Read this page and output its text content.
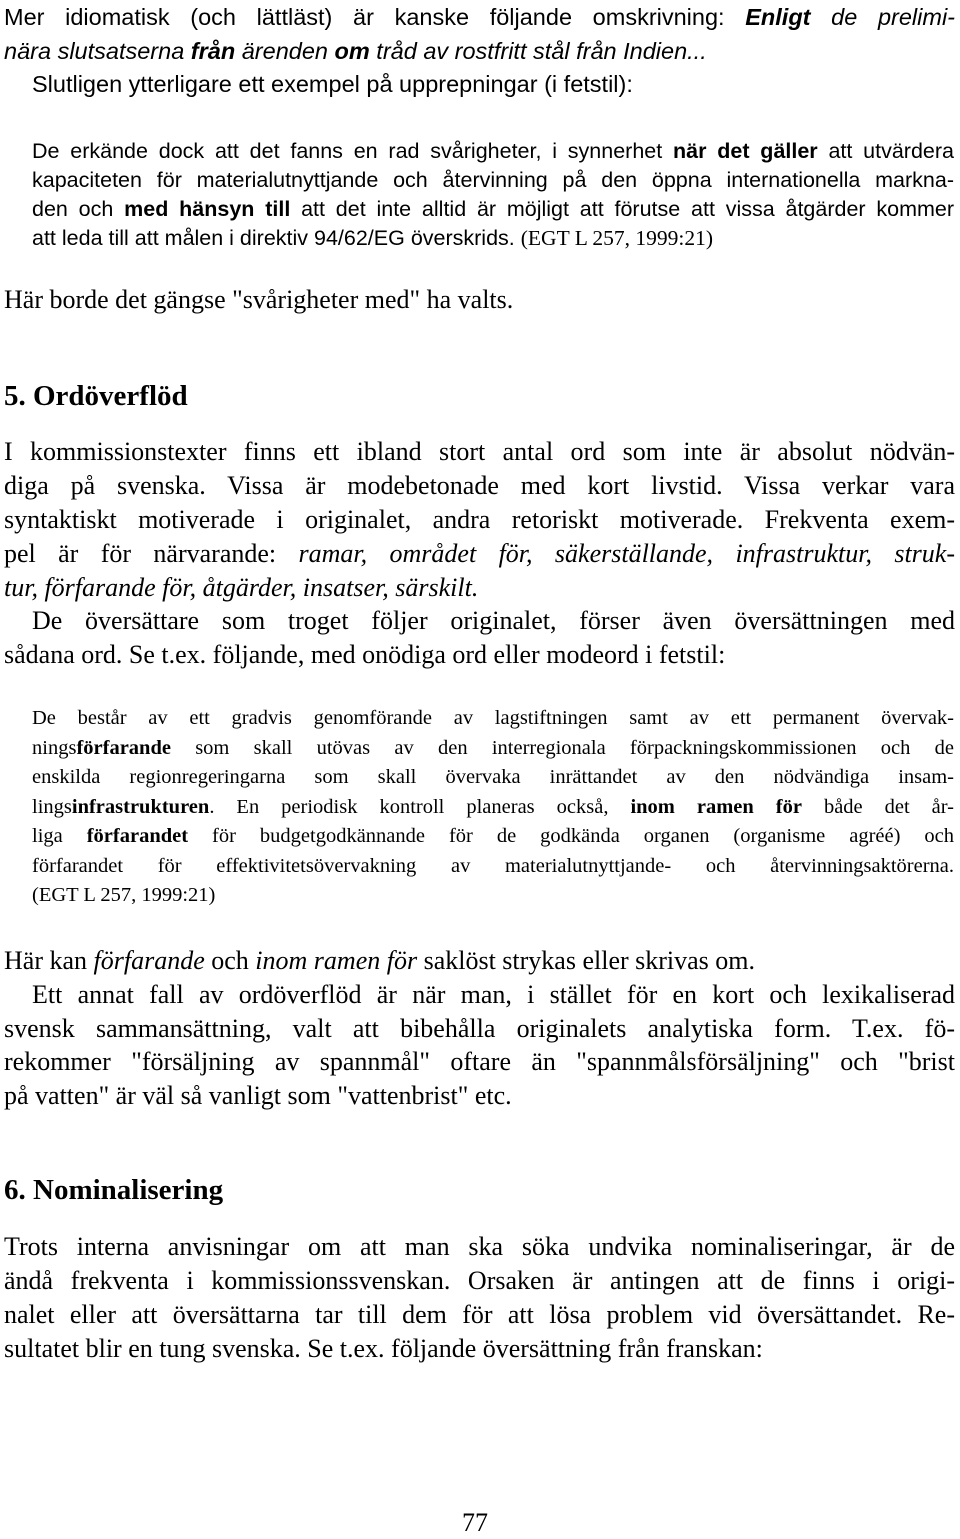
Mer idiomatisk (och lättläst) är kanske följande omskrivning: Enligt de prelimi-
nära slutsatserna från ärenden om tråd av rostfritt stål från Indien...
Slutligen ytterligare ett exempel på upprepningar (i fetstil):
De erkände dock att det fanns en rad svårigheter, i synnerhet när det gäller att utvärdera
kapaciteten för materialutnyttjande och återvinning på den öppna internationella markna-
den och med hänsyn till att det inte alltid är möjligt att förutse att vissa åtgärder kommer
att leda till att målen i direktiv 94/62/EG överskrids. (EGT L 257, 1999:21)
Här borde det gängse "svårigheter med" ha valts.
5. Ordöverflöd
I kommissionstexter finns ett ibland stort antal ord som inte är absolut nödvän-
diga på svenska. Vissa är modebetonade med kort livstid. Vissa verkar vara
syntaktiskt motiverade i originalet, andra retoriskt motiverade. Frekventa exem-
pel är för närvarande: ramar, området för, säkerställande, infrastruktur, struk-
tur, förfarande för, åtgärder, insatser, särskilt.
De översättare som troget följer originalet, förser även översättningen med
sådana ord. Se t.ex. följande, med onödiga ord eller modeord i fetstil:
De består av ett gradvis genomförande av lagstiftningen samt av ett permanent övervak-
ningsförfarande som skall utövas av den interregionala förpackningskommissionen och de
enskilda regionregeringarna som skall övervaka inrättandet av den nödvändiga insam-
lingsinfrastrukturen. En periodisk kontroll planeras också, inom ramen för både det år-
liga förfarandet för budgetgodkännande för de godkända organen (organisme agréé) och
förfarandet för effektivitetsövervakning av materialutnyttjande- och återvinningsaktörerna.
(EGT L 257, 1999:21)
Här kan förfarande och inom ramen för saklöst strykas eller skrivas om.
Ett annat fall av ordöverflöd är när man, i stället för en kort och lexikaliserad
svensk sammansättning, valt att bibehålla originalets analytiska form. T.ex. fö-
rekommer "försäljning av spannmål" oftare än "spannmålsförsäljning" och "brist
på vatten" är väl så vanligt som "vattenbrist" etc.
6. Nominalisering
Trots interna anvisningar om att man ska söka undvika nominaliseringar, är de
ändå frekventa i kommissionssvenskan. Orsaken är antingen att de finns i origi-
nalet eller att översättarna tar till dem för att lösa problem vid översättandet. Re-
sultatet blir en tung svenska. Se t.ex. följande översättning från franskan:
77
